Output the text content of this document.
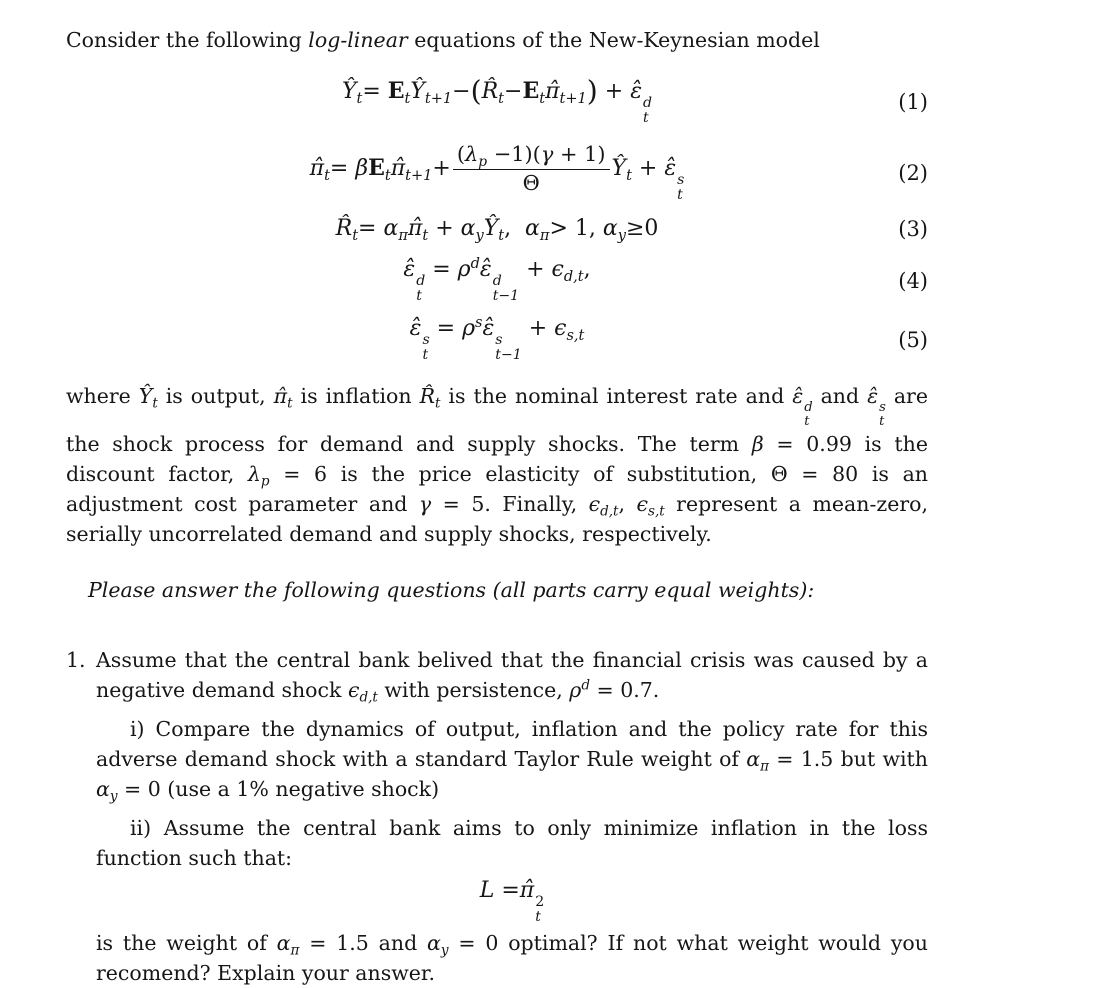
Consider the following log-linear equations of the New-Keynesian model

$Ŷ_t=$ $E_tŶ_{t+1}-(R̂_t-E_t\pî_{t+1})$ + ε̂ d
t
(1)
$\pî_t=$ $\beta E_t\pî_{t+1}+ \frac{(\lambda_p -1)(\gamma + 1)}{\Theta}$ $Ŷ_t$ + ε̂ s
t
(2)
$R̂_t=$ $\alpha_\pi\pî_t$ + $\alpha_yŶ_t$,  $\alpha_\pi> 1$, $\alpha_y\ge 0$	(3)
ε̂ d
t
= $\rho^d\varepsilon̂$ d
t−1
+ $\epsilon_{d,t}$,	(4)
ε̂ s
t
= $\rho^s\varepsilon̂$ s
t−1
+ $\epsilon_{s,t}$	(5)

where $Ŷ_t$ is output, $\pî_t$ is inflation $R̂_t$ is the nominal interest rate and ε̂ d
t
and ε̂ s
t
are the shock process for demand and supply shocks. The term β = 0.99 is the discount factor, $\lambda_p = 6$ is the price elasticity of substitution, Θ = 80 is an adjustment cost parameter and γ = 5. Finally, $\epsilon_{d,t}$, $\epsilon_{s,t}$ represent a mean-zero, serially uncorrelated demand and supply shocks, respectively.

Please answer the following questions (all parts carry equal weights):

1. Assume that the central bank belived that the financial crisis was caused by a negative demand shock $\epsilon_{d,t}$ with persistence, $\rho^d = 0.7$.

i) Compare the dynamics of output, inflation and the policy rate for this adverse demand shock with a standard Taylor Rule weight of $\alpha_\pi = 1.5$ but with $\alpha_y = 0$ (use a 1% negative shock)

ii) Assume the central bank aims to only minimize inflation in the loss function such that:

L =π̂ 2
t

is the weight of $\alpha_\pi = 1.5$ and $\alpha_y = 0$ optimal? If not what weight would you recomend? Explain your answer.
